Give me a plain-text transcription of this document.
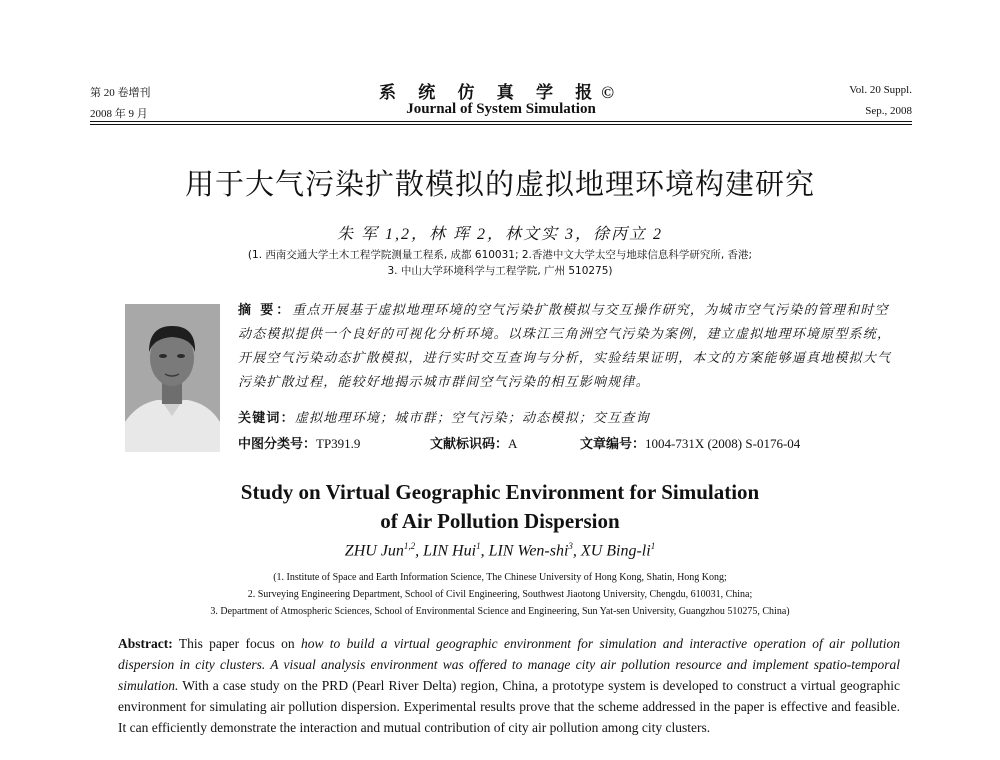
第 20 卷增刊
2008 年 9 月
系 统 仿 真 学 报©
Journal of System Simulation
Vol. 20 Suppl.
Sep., 2008
用于大气污染扩散模拟的虚拟地理环境构建研究
朱 军 1,2，林 珲 2，林文实 3，徐丙立 2
(1. 西南交通大学土木工程学院测量工程系, 成都 610031; 2.香港中文大学太空与地球信息科学研究所, 香港;
3. 中山大学环境科学与工程学院, 广州 510275)
摘 要：重点开展基于虚拟地理环境的空气污染扩散模拟与交互操作研究，为城市空气污染的管理和时空动态模拟提供一个良好的可视化分析环境。以珠江三角洲空气污染为案例，建立虚拟地理环境原型系统，开展空气污染动态扩散模拟，进行实时交互查询与分析，实验结果证明，本文的方案能够逼真地模拟大气污染扩散过程，能较好地揭示城市群间空气污染的相互影响规律。
关键词：虚拟地理环境；城市群；空气污染；动态模拟；交互查询
中图分类号：TP391.9	文献标识码：A	文章编号：1004-731X (2008) S-0176-04
Study on Virtual Geographic Environment for Simulation
of Air Pollution Dispersion
ZHU Jun$^{1,2}$, LIN Hui$^1$, LIN Wen-shi$^3$, XU Bing-$li^1$
(1. Institute of Space and Earth Information Science, The Chinese University of Hong Kong, Shatin, Hong Kong;
2. Surveying Engineering Department, School of Civil Engineering, Southwest Jiaotong University, Chengdu, 610031, China;
3. Department of Atmospheric Sciences, School of Environmental Science and Engineering, Sun Yat-sen University, Guangzhou 510275, China)
Abstract: This paper focus on how to build a virtual geographic environment for simulation and interactive operation of air pollution dispersion in city clusters. A visual analysis environment was offered to manage city air pollution resource and implement spatio-temporal simulation. With a case study on the PRD (Pearl River Delta) region, China, a prototype system is developed to construct a virtual geographic environment for simulating air pollution dispersion. Experimental results prove that the scheme addressed in the paper is effective and feasible. It can efficiently demonstrate the interaction and mutual contribution of city air pollution among city clusters.
